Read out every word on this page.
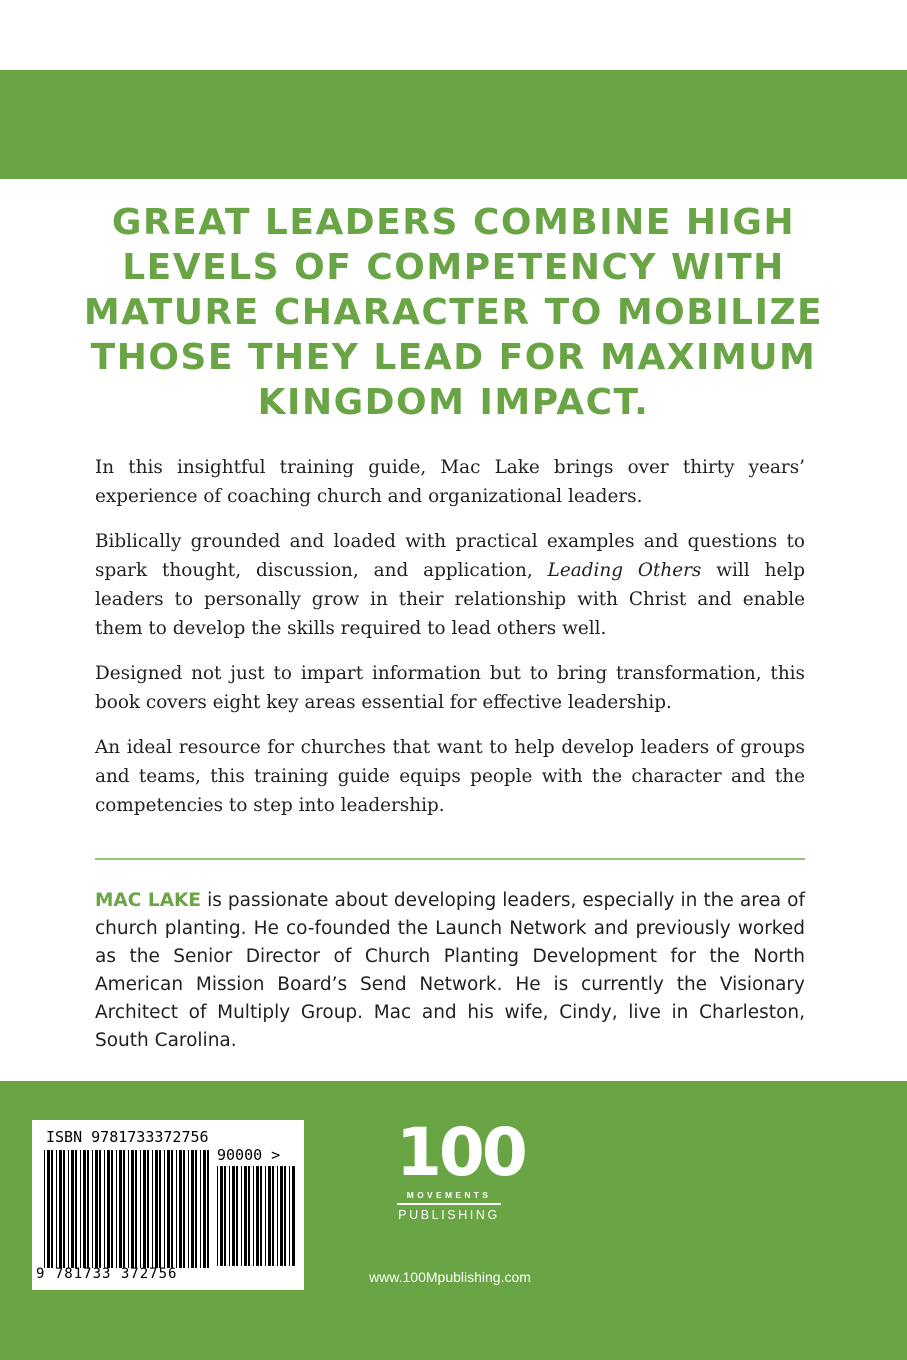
GREAT LEADERS COMBINE HIGH LEVELS OF COMPETENCY WITH MATURE CHARACTER TO MOBILIZE THOSE THEY LEAD FOR MAXIMUM KINGDOM IMPACT.

In this insightful training guide, Mac Lake brings over thirty years’ experience of coaching church and organizational leaders.

Biblically grounded and loaded with practical examples and questions to spark thought, discussion, and application, Leading Others will help leaders to personally grow in their relationship with Christ and enable them to develop the skills required to lead others well.

Designed not just to impart information but to bring transformation, this book covers eight key areas essential for effective leadership.

An ideal resource for churches that want to help develop leaders of groups and teams, this training guide equips people with the character and the competencies to step into leadership.

MAC LAKE is passionate about developing leaders, especially in the area of church planting. He co-founded the Launch Network and previously worked as the Senior Director of Church Planting Development for the North American Mission Board’s Send Network. He is currently the Visionary Architect of Multiply Group. Mac and his wife, Cindy, live in Charleston, South Carolina.
ISBN 9781733372756
90000 >
9 781733 372756
100
MOVEMENTS
PUBLISHING
www.100Mpublishing.com
